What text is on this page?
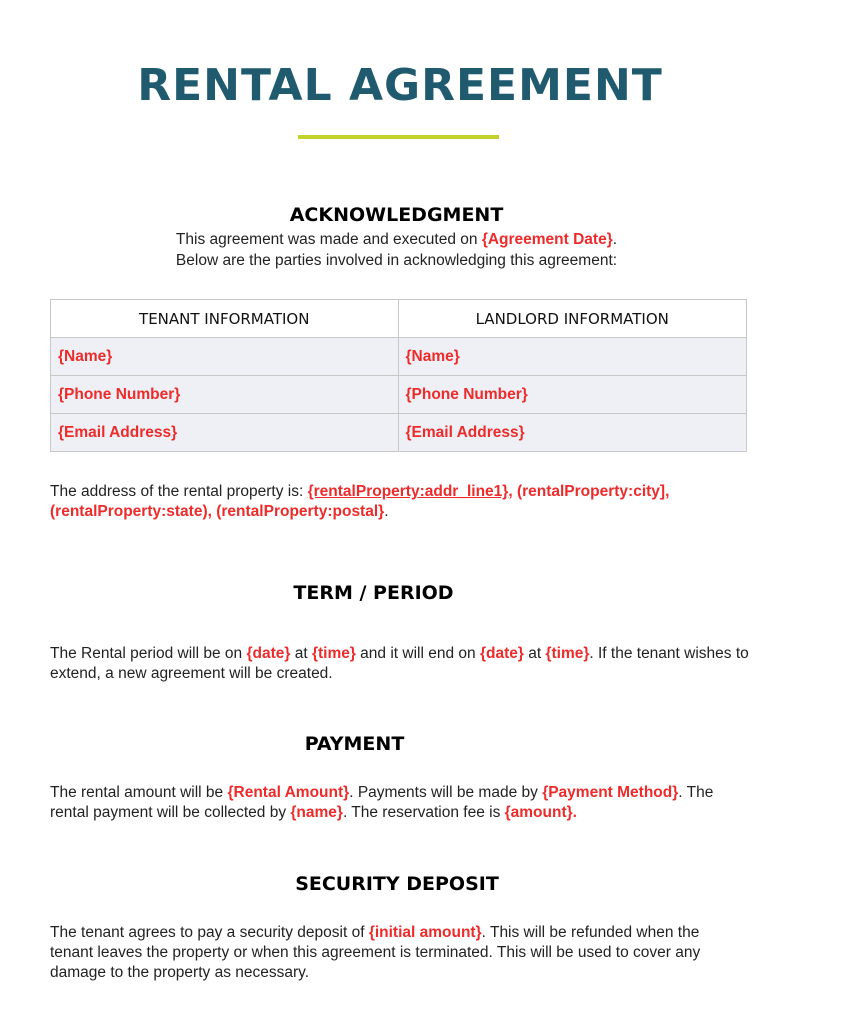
RENTAL AGREEMENT
ACKNOWLEDGMENT
This agreement was made and executed on {Agreement Date}.
Below are the parties involved in acknowledging this agreement:
TENANT INFORMATION	LANDLORD INFORMATION
{Name}	{Name}
{Phone Number}	{Phone Number}
{Email Address}	{Email Address}

The address of the rental property is: {rentalProperty:addr_line1}, (rentalProperty:city], (rentalProperty:state), (rentalProperty:postal}.

TERM / PERIOD

The Rental period will be on {date} at {time} and it will end on {date} at {time}. If the tenant wishes to extend, a new agreement will be created.

PAYMENT

The rental amount will be {Rental Amount}. Payments will be made by {Payment Method}. The rental payment will be collected by {name}. The reservation fee is {amount}.

SECURITY DEPOSIT

The tenant agrees to pay a security deposit of {initial amount}. This will be refunded when the tenant leaves the property or when this agreement is terminated. This will be used to cover any damage to the property as necessary.
